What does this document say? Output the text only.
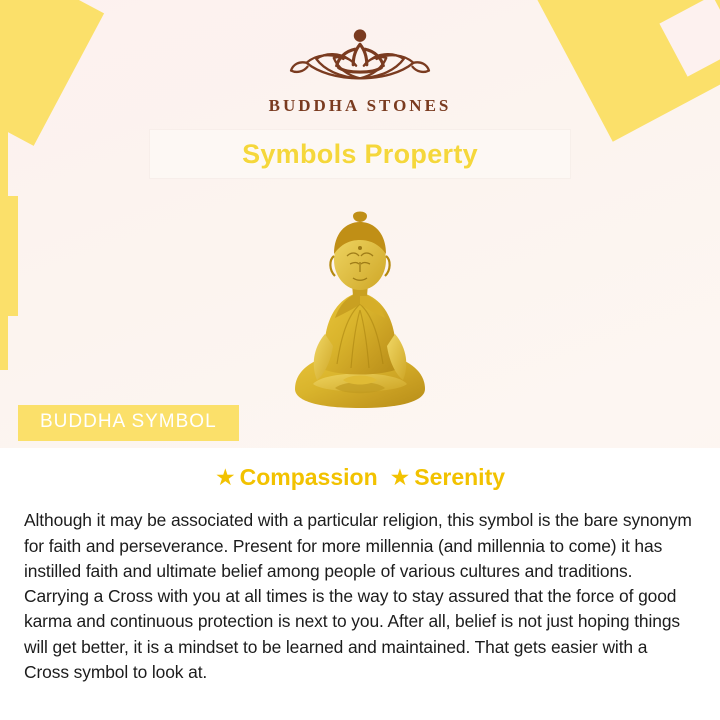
BUDDHA STONES
Symbols Property
BUDDHA SYMBOL
★ Compassion ★ Serenity

Although it may be associated with a particular religion, this symbol is the bare synonym for faith and perseverance. Present for more millennia (and millennia to come) it has instilled faith and ultimate belief among people of various cultures and traditions. Carrying a Cross with you at all times is the way to stay assured that the force of good karma and continuous protection is next to you. After all, belief is not just hoping things will get better, it is a mindset to be learned and maintained. That gets easier with a Cross symbol to look at.
